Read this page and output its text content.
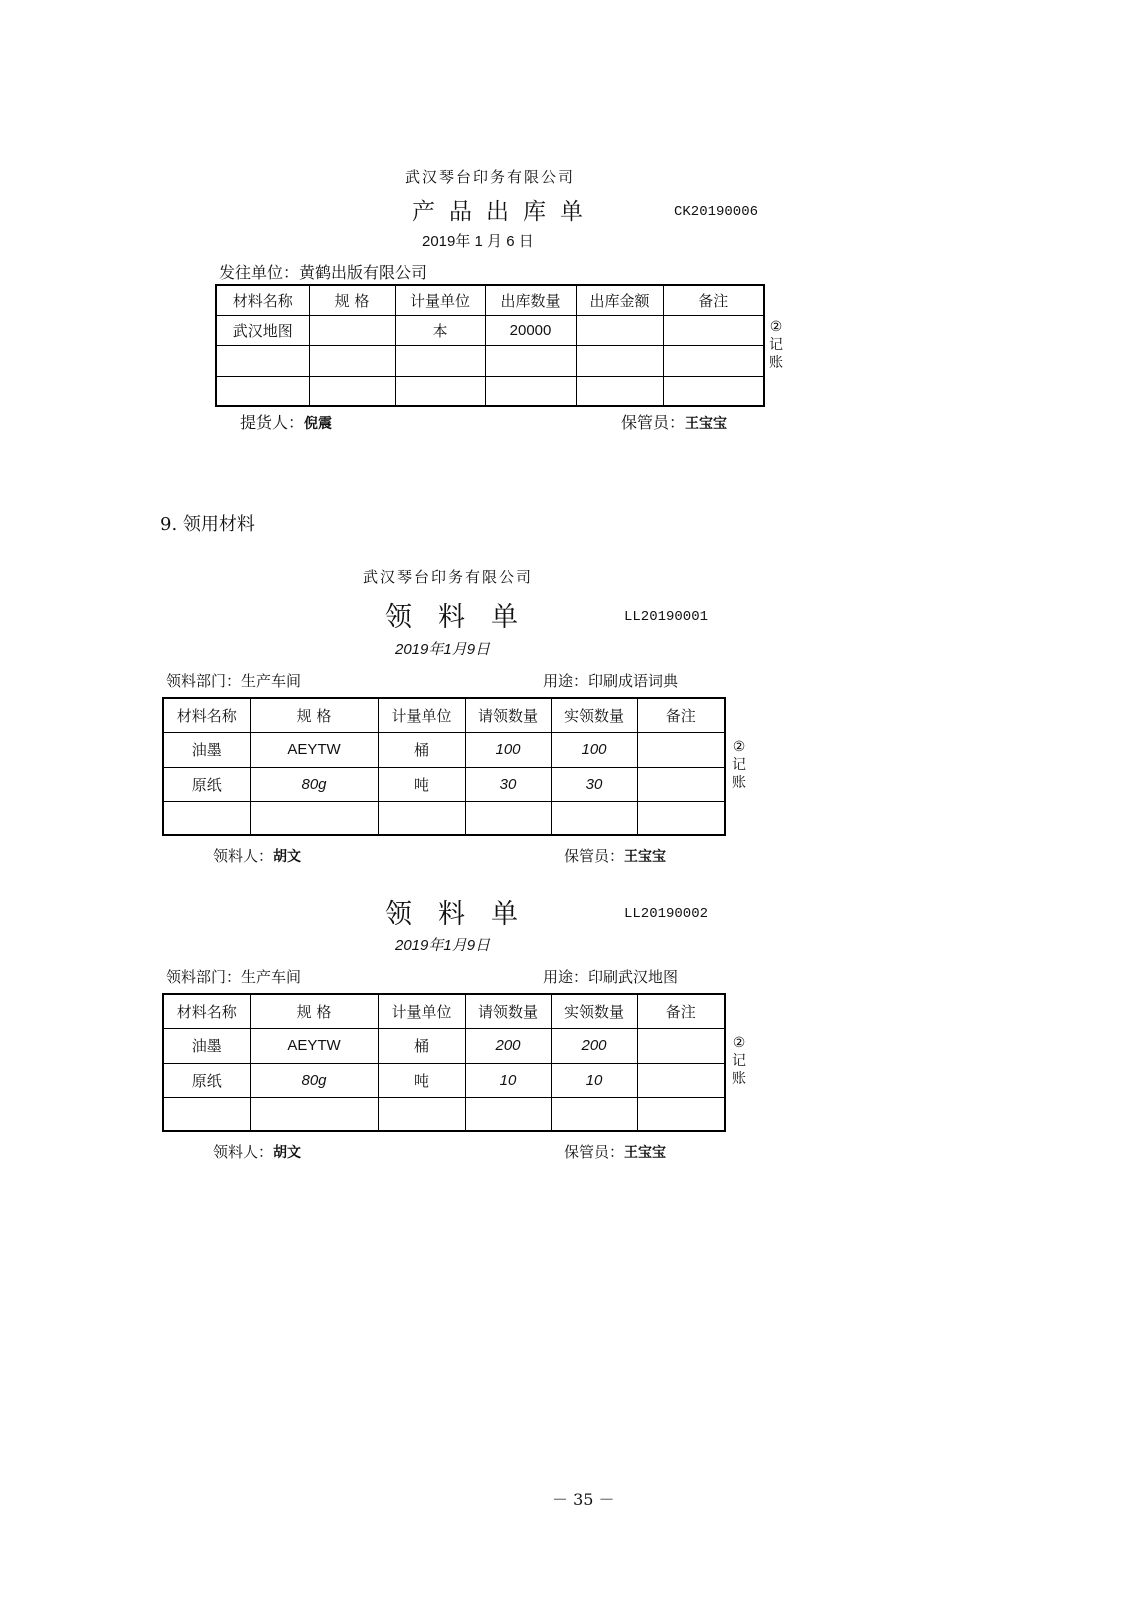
武汉琴台印务有限公司
产品出库单	CK20190006
2019年 1 月 6 日
发往单位：黄鹤出版有限公司
材料名称	规 格	计量单位	出库数量	出库金额	备注
武汉地图		本	20000		

						②
记
账
提货人：倪震	保管员：王宝宝
9. 领用材料
武汉琴台印务有限公司
领料单	LL20190001
2019年1月9日
领料部门：生产车间	用途：印刷成语词典
材料名称	规 格	计量单位	请领数量	实领数量	备注
油墨	AEYTW	桶	100	100	
原纸	80g	吨	30	30	

②
记
账
领料人：胡文	保管员：王宝宝
领料单	LL20190002
2019年1月9日
领料部门：生产车间	用途：印刷武汉地图
材料名称	规 格	计量单位	请领数量	实领数量	备注
油墨	AEYTW	桶	200	200	
原纸	80g	吨	10	10	

②
记
账
领料人：胡文	保管员：王宝宝
－ 35 －
